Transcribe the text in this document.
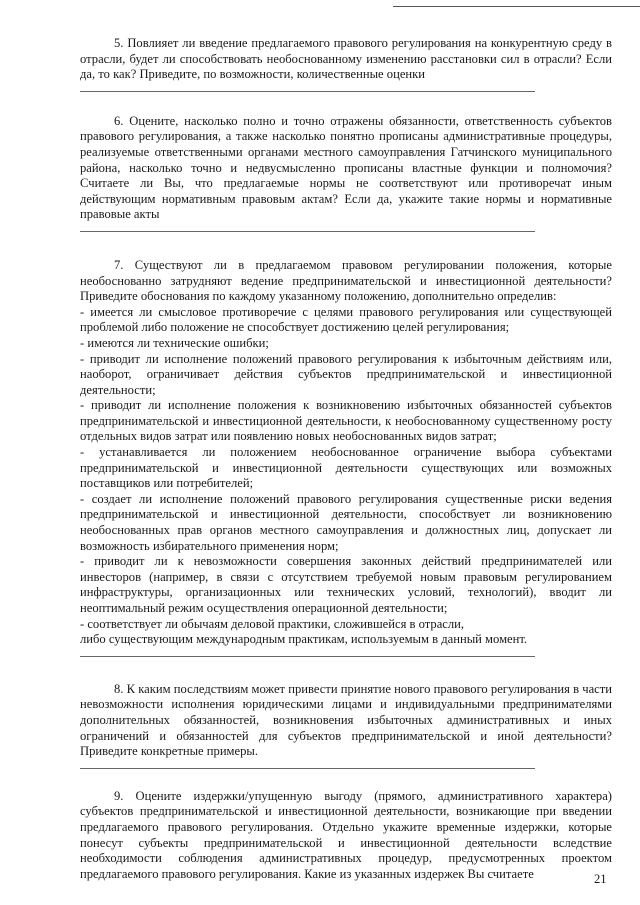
5. Повлияет ли введение предлагаемого правового регулирования на конкурентную среду в отрасли, будет ли способствовать необоснованному изменению расстановки сил в отрасли? Если да, то как? Приведите, по возможности, количественные оценки

6. Оцените, насколько полно и точно отражены обязанности, ответственность субъектов правового регулирования, а также насколько понятно прописаны административные процедуры, реализуемые ответственными органами местного самоуправления Гатчинского муниципального района, насколько точно и недвусмысленно прописаны властные функции и полномочия? Считаете ли Вы, что предлагаемые нормы не соответствуют или противоречат иным действующим нормативным правовым актам? Если да, укажите такие нормы и нормативные правовые акты

7. Существуют ли в предлагаемом правовом регулировании положения, которые необоснованно затрудняют ведение предпринимательской и инвестиционной деятельности? Приведите обоснования по каждому указанному положению, дополнительно определив:

- имеется ли смысловое противоречие с целями правового регулирования или существующей проблемой либо положение не способствует достижению целей регулирования;

- имеются ли технические ошибки;

- приводит ли исполнение положений правового регулирования к избыточным действиям или, наоборот, ограничивает действия субъектов предпринимательской и инвестиционной деятельности;

- приводит ли исполнение положения к возникновению избыточных обязанностей субъектов предпринимательской и инвестиционной деятельности, к необоснованному существенному росту отдельных видов затрат или появлению новых необоснованных видов затрат;

- устанавливается ли положением необоснованное ограничение выбора субъектами предпринимательской и инвестиционной деятельности существующих или возможных поставщиков или потребителей;

- создает ли исполнение положений правового регулирования существенные риски ведения предпринимательской и инвестиционной деятельности, способствует ли возникновению необоснованных прав органов местного самоуправления и должностных лиц, допускает ли возможность избирательного применения норм;

- приводит ли к невозможности совершения законных действий предпринимателей или инвесторов (например, в связи с отсутствием требуемой новым правовым регулированием инфраструктуры, организационных или технических условий, технологий), вводит ли неоптимальный режим осуществления операционной деятельности;

- соответствует ли обычаям деловой практики, сложившейся в отрасли,

либо существующим международным практикам, используемым в данный момент.

8. К каким последствиям может привести принятие нового правового регулирования в части невозможности исполнения юридическими лицами и индивидуальными предпринимателями дополнительных обязанностей, возникновения избыточных административных и иных ограничений и обязанностей для субъектов предпринимательской и иной деятельности? Приведите конкретные примеры.

9. Оцените издержки/упущенную выгоду (прямого, административного характера) субъектов предпринимательской и инвестиционной деятельности, возникающие при введении предлагаемого правового регулирования. Отдельно укажите временные издержки, которые понесут субъекты предпринимательской и инвестиционной деятельности вследствие необходимости соблюдения административных процедур, предусмотренных проектом предлагаемого правового регулирования. Какие из указанных издержек Вы считаете	21
